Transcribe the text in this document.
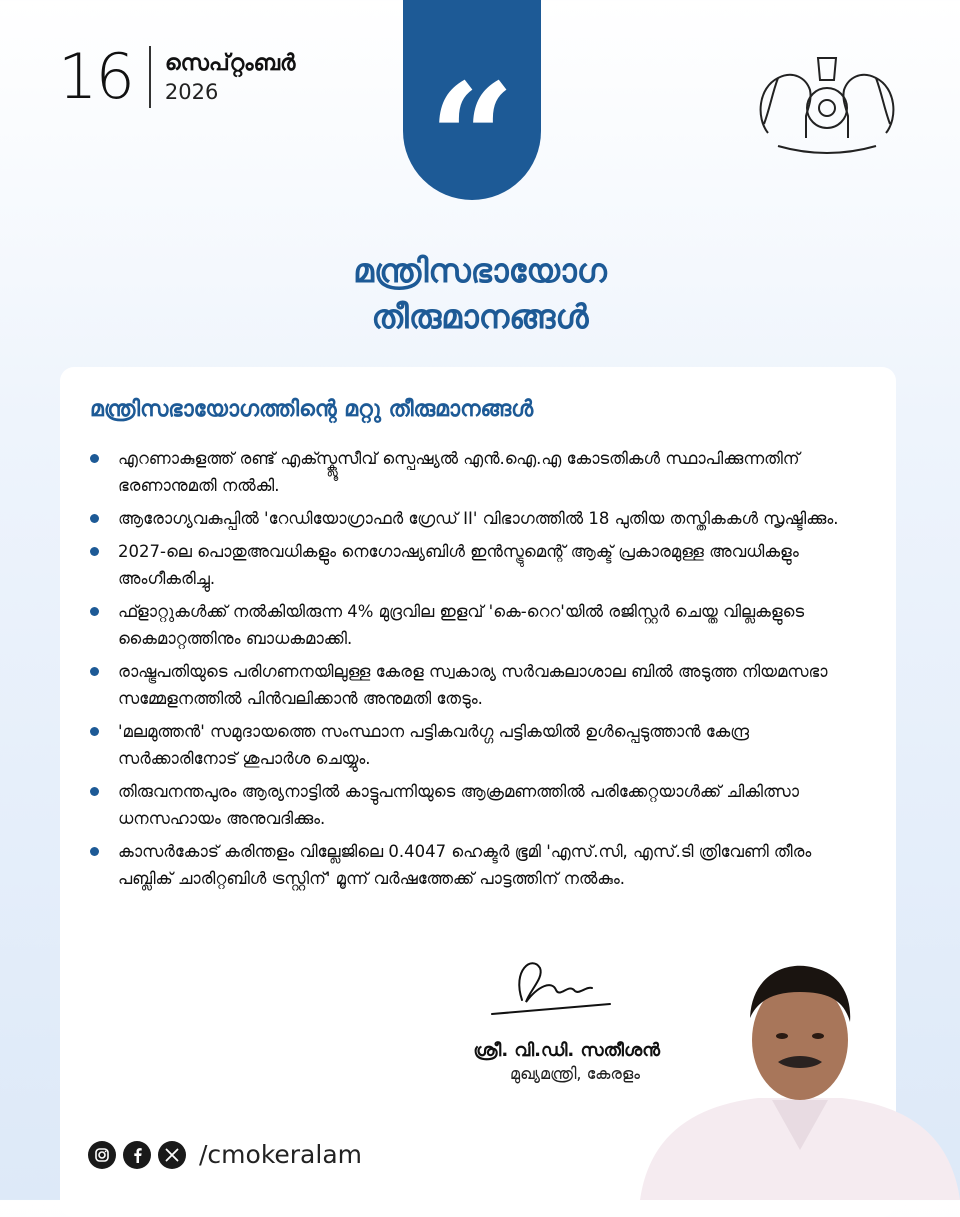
16 സെപ്റ്റംബർ
2026	“
മന്ത്രിസഭായോഗ
തീരുമാനങ്ങൾ
മന്ത്രിസഭായോഗത്തിന്റെ മറ്റു തീരുമാനങ്ങൾ
എറണാകുളത്ത് രണ്ട് എക്സ്ക്ലൂസീവ് സ്പെഷ്യൽ എൻ.ഐ.എ കോടതികൾ സ്ഥാപിക്കുന്നതിന് ഭരണാനുമതി നൽകി.
ആരോഗ്യവകുപ്പിൽ 'റേഡിയോഗ്രാഫർ ഗ്രേഡ് II' വിഭാഗത്തിൽ 18 പുതിയ തസ്തികകൾ സൃഷ്ടിക്കും.
2027-ലെ പൊതുഅവധികളും നെഗോഷ്യബിൾ ഇൻസ്ട്രുമെന്റ് ആക്ട് പ്രകാരമുള്ള അവധികളും അംഗീകരിച്ചു.
ഫ്ളാറ്റുകൾക്ക് നൽകിയിരുന്ന 4% മുദ്രവില ഇളവ് 'കെ-റെറ'യിൽ രജിസ്റ്റർ ചെയ്ത വില്ലകളുടെ കൈമാറ്റത്തിനും ബാധകമാക്കി.
രാഷ്ട്രപതിയുടെ പരിഗണനയിലുള്ള കേരള സ്വകാര്യ സർവകലാശാല ബിൽ അടുത്ത നിയമസഭാ സമ്മേളനത്തിൽ പിൻവലിക്കാൻ അനുമതി തേടും.
'മലമുത്തൻ' സമുദായത്തെ സംസ്ഥാന പട്ടികവർഗ്ഗ പട്ടികയിൽ ഉൾപ്പെടുത്താൻ കേന്ദ്ര സർക്കാരിനോട് ശുപാർശ ചെയ്യും.
തിരുവനന്തപുരം ആര്യനാട്ടിൽ കാട്ടുപന്നിയുടെ ആക്രമണത്തിൽ പരിക്കേറ്റയാൾക്ക് ചികിത്സാ ധനസഹായം അനുവദിക്കും.
കാസർകോട് കരിന്തളം വില്ലേജിലെ 0.4047 ഹെക്ടർ ഭൂമി 'എസ്.സി, എസ്.ടി ത്രിവേണി തീരം പബ്ലിക് ചാരിറ്റബിൾ ട്രസ്റ്റിന്' മൂന്ന് വർഷത്തേക്ക് പാട്ടത്തിന് നൽകും.
ശ്രീ. വി.ഡി. സതീശൻ
മുഖ്യമന്ത്രി, കേരളം
/cmokeralam
